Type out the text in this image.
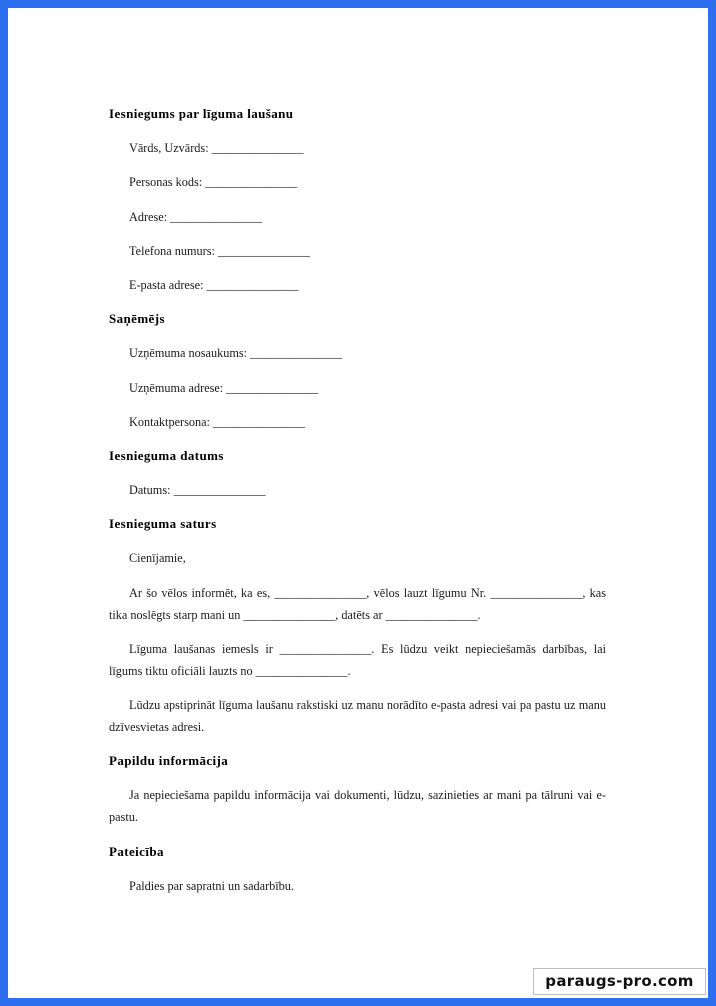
Iesniegums par līguma laušanu

Vārds, Uzvārds: _______________

Personas kods: _______________

Adrese: _______________

Telefona numurs: _______________

E-pasta adrese: _______________

Saņēmējs

Uzņēmuma nosaukums: _______________

Uzņēmuma adrese: _______________

Kontaktpersona: _______________

Iesnieguma datums

Datums: _______________

Iesnieguma saturs

Cienījamie,

Ar šo vēlos informēt, ka es, _______________, vēlos lauzt līgumu Nr. _______________, kas tika noslēgts starp mani un _______________, datēts ar _______________.

Līguma laušanas iemesls ir _______________. Es lūdzu veikt nepieciešamās darbības, lai līgums tiktu oficiāli lauzts no _______________.

Lūdzu apstiprināt līguma laušanu rakstiski uz manu norādīto e-pasta adresi vai pa pastu uz manu dzīvesvietas adresi.

Papildu informācija

Ja nepieciešama papildu informācija vai dokumenti, lūdzu, sazinieties ar mani pa tālruni vai e-pastu.

Pateicība

Paldies par sapratni un sadarbību.

paraugs-pro.com
